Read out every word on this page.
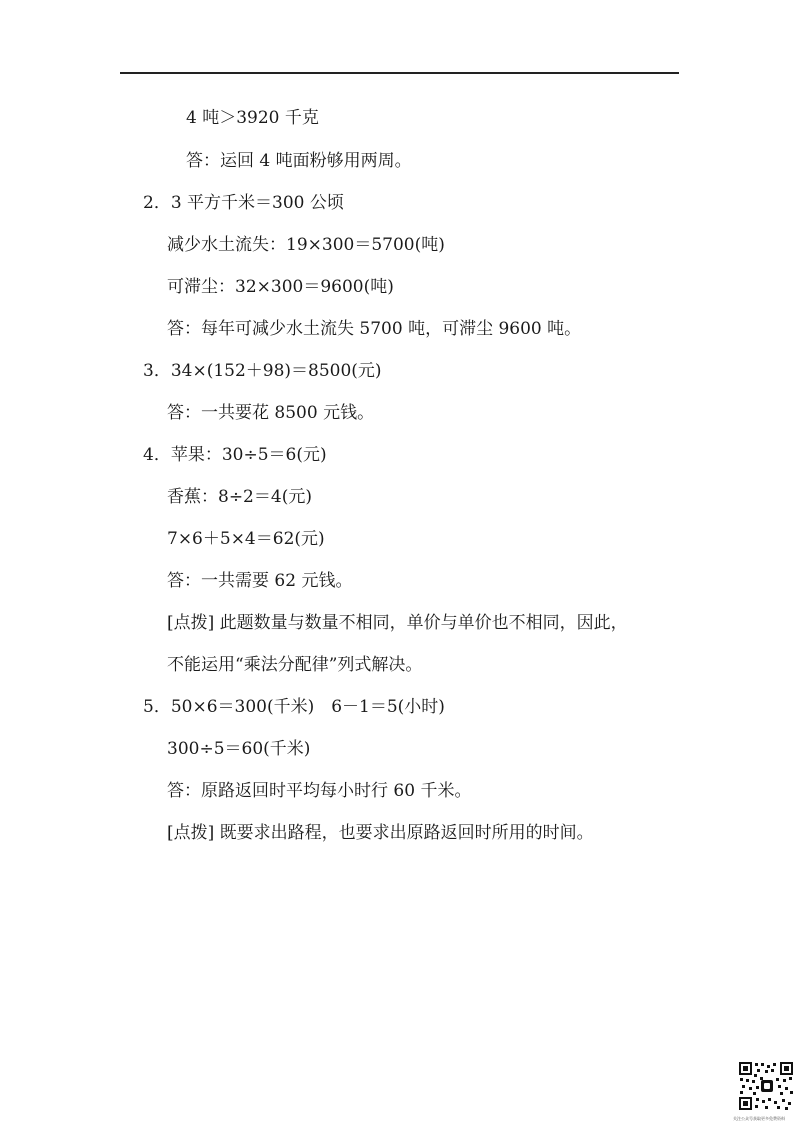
4 吨＞3920 千克
答：运回 4 吨面粉够用两周。
2．3 平方千米＝300 公顷
减少水土流失：19×300＝5700(吨)
可滞尘：32×300＝9600(吨)
答：每年可减少水土流失 5700 吨，可滞尘 9600 吨。
3．34×(152＋98)＝8500(元)
答：一共要花 8500 元钱。
4．苹果：30÷5＝6(元)
香蕉：8÷2＝4(元)
7×6＋5×4＝62(元)
答：一共需要 62 元钱。
[点拨] 此题数量与数量不相同，单价与单价也不相同，因此，
不能运用“乘法分配律”列式解决。
5．50×6＝300(千米)　6－1＝5(小时)
300÷5＝60(千米)
答：原路返回时平均每小时行 60 千米。
[点拨] 既要求出路程，也要求出原路返回时所用的时间。
关注公众号获取更多免费资料
